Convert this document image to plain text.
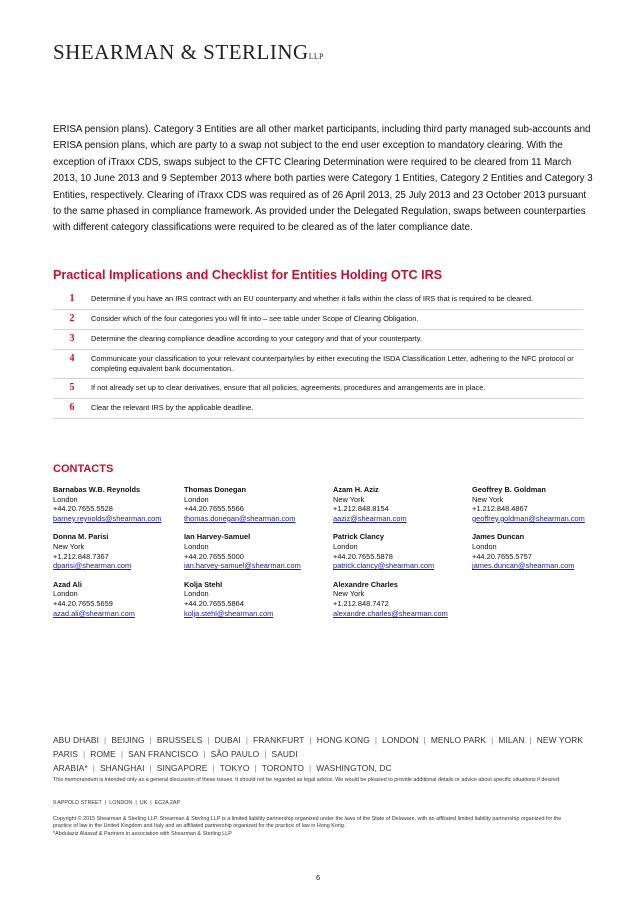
SHEARMAN & STERLINGLLP

ERISA pension plans). Category 3 Entities are all other market participants, including third party managed sub-accounts and ERISA pension plans, which are party to a swap not subject to the end user exception to mandatory clearing. With the exception of iTraxx CDS, swaps subject to the CFTC Clearing Determination were required to be cleared from 11 March 2013, 10 June 2013 and 9 September 2013 where both parties were Category 1 Entities, Category 2 Entities and Category 3 Entities, respectively. Clearing of iTraxx CDS was required as of 26 April 2013, 25 July 2013 and 23 October 2013 pursuant to the same phased in compliance framework. As provided under the Delegated Regulation, swaps between counterparties with different category classifications were required to be cleared as of the later compliance date.

Practical Implications and Checklist for Entities Holding OTC IRS
1	Determine if you have an IRS contract with an EU counterparty and whether it falls within the class of IRS that is required to be cleared.
2	Consider which of the four categories you will fit into – see table under Scope of Clearing Obligation.
3	Determine the clearing compliance deadline according to your category and that of your counterparty.
4	Communicate your classification to your relevant counterparty/ies by either executing the ISDA Classification Letter, adhering to the NFC protocol or completing equivalent bank documentation.
5	If not already set up to clear derivatives, ensure that all policies, agreements, procedures and arrangements are in place.
6	Clear the relevant IRS by the applicable deadline.
CONTACTS
Barnabas W.B. Reynolds
London
+44.20.7655.5528
barney.reynolds@shearman.com
Thomas Donegan
London
+44.20.7655.5566
thomas.donegan@shearman.com
Azam H. Aziz
New York
+1.212.848.8154
aaziz@shearman.com
Geoffrey B. Goldman
New York
+1.212.848.4867
geoffrey.goldman@shearman.com
Donna M. Parisi
New York
+1.212.848.7367
dparisi@shearman.com
Ian Harvey-Samuel
London
+44.20.7655.5000
ian.harvey-samuel@shearman.com
Patrick Clancy
London
+44.20.7655.5878
patrick.clancy@shearman.com
James Duncan
London
+44.20.7655.5757
james.duncan@shearman.com
Azad Ali
London
+44.20.7655.5659
azad.ali@shearman.com
Kolja Stehl
London
+44.20.7655.5864
kolja.stehl@shearman.com
Alexandre Charles
New York
+1.212.848.7472
alexandre.charles@shearman.com
ABU DHABI | BEIJING | BRUSSELS | DUBAI | FRANKFURT | HONG KONG | LONDON | MENLO PARK | MILAN | NEW YORK
PARIS | ROME | SAN FRANCISCO | SÃO PAULO | SAUDI ARABIA* | SHANGHAI | SINGAPORE | TOKYO | TORONTO | WASHINGTON, DC
This memorandum is intended only as a general discussion of these issues. It should not be regarded as legal advice. We would be pleased to provide additional details or advice about specific situations if desired.
9 APPOLD STREET | LONDON | UK | EC2A 2AP
Copyright © 2015 Shearman & Sterling LLP. Shearman & Sterling LLP is a limited liability partnership organized under the laws of the State of Delaware, with an affiliated limited liability partnership organized for the practice of law in the United Kingdom and Italy and an affiliated partnership organized for the practice of law in Hong Kong.
*Abdulaziz Alassaf & Partners in association with Shearman & Sterling LLP
6
